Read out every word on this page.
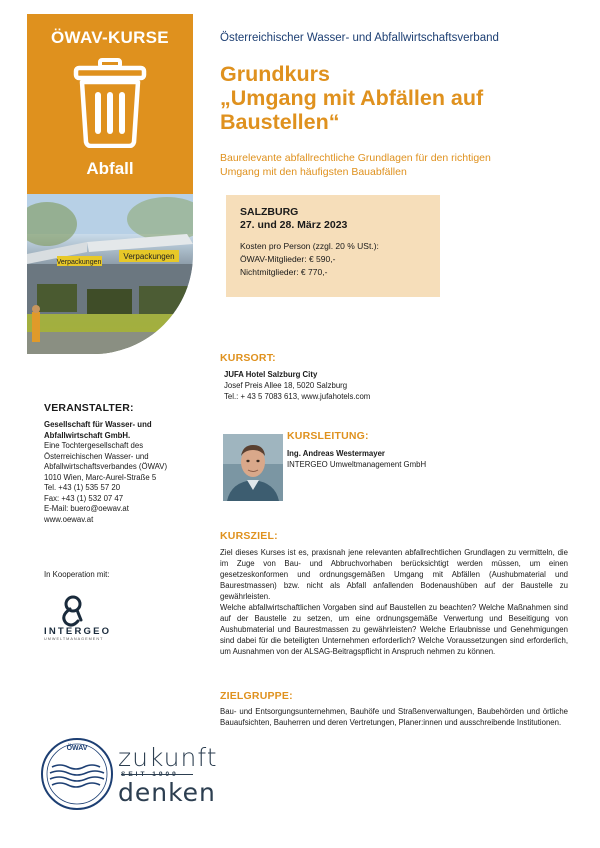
ÖWAV-KURSE
Abfall
Verpackungen
Verpackungen
VERANSTALTER:
Gesellschaft für Wasser- und
Abfallwirtschaft GmbH.
Eine Tochtergesellschaft des
Österreichischen Wasser- und
Abfallwirtschaftsverbandes (ÖWAV)
1010 Wien, Marc-Aurel-Straße 5
Tel. +43 (1) 535 57 20
Fax: +43 (1) 532 07 47
E-Mail: buero@oewav.at
www.oewav.at
In Kooperation mit:
INTERGEO
UMWELTMANAGEMENT
ÖWAV zukunft
SEIT 1909
denken
Österreichischer Wasser- und Abfallwirtschaftsverband
Grundkurs
„Umgang mit Abfällen auf
Baustellen“
Baurelevante abfallrechtliche Grundlagen für den richtigen
Umgang mit den häufigsten Bauabfällen
SALZBURG
27. und 28. März 2023
Kosten pro Person (zzgl. 20 % USt.):
ÖWAV-Mitglieder: € 590,-
Nichtmitglieder: € 770,-
KURSORT:
JUFA Hotel Salzburg City
Josef Preis Allee 18, 5020 Salzburg
Tel.: + 43 5 7083 613, www.jufahotels.com
KURSLEITUNG:
Ing. Andreas Westermayer
INTERGEO Umweltmanagement GmbH
KURSZIEL:

Ziel dieses Kurses ist es, praxisnah jene relevanten abfallrechtlichen Grundlagen zu vermitteln, die im Zuge von Bau- und Abbruchvorhaben berücksichtigt werden müssen, um einen gesetzeskonformen und ordnungsgemäßen Umgang mit Abfällen (Aushubmaterial und Baurestmassen) bzw. nicht als Abfall anfallenden Bodenaushüben auf der Baustelle zu gewährleisten.

Welche abfallwirtschaftlichen Vorgaben sind auf Baustellen zu beachten? Welche Maßnahmen sind auf der Baustelle zu setzen, um eine ordnungsgemäße Verwertung und Beseitigung von Aushubmaterial und Baurestmassen zu gewährleisten? Welche Erlaubnisse und Genehmigungen sind dabei für die beteiligten Unternehmen erforderlich? Welche Voraussetzungen sind erforderlich, um Ausnahmen von der ALSAG-Beitragspflicht in Anspruch nehmen zu können.

ZIELGRUPPE:
Bau- und Entsorgungsunternehmen, Bauhöfe und Straßenverwaltungen, Baubehörden und örtliche Bauaufsichten, Bauherren und deren Vertretungen, Planer:innen und ausschreibende Institutionen.
